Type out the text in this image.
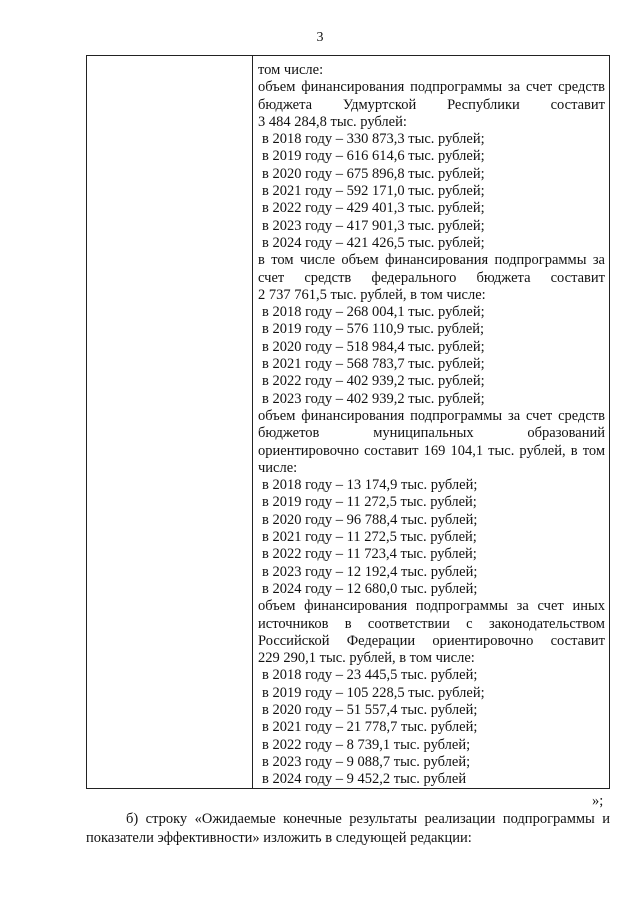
3
том числе:
объем финансирования подпрограммы за счет средств
бюджета Удмуртской Республики составит
3 484 284,8 тыс. рублей:
в 2018 году – 330 873,3 тыс. рублей;
в 2019 году – 616 614,6 тыс. рублей;
в 2020 году – 675 896,8 тыс. рублей;
в 2021 году – 592 171,0 тыс. рублей;
в 2022 году – 429 401,3 тыс. рублей;
в 2023 году – 417 901,3 тыс. рублей;
в 2024 году – 421 426,5 тыс. рублей;
в том числе объем финансирования подпрограммы за
счет средств федерального бюджета составит
2 737 761,5 тыс. рублей, в том числе:
в 2018 году – 268 004,1 тыс. рублей;
в 2019 году – 576 110,9 тыс. рублей;
в 2020 году – 518 984,4 тыс. рублей;
в 2021 году – 568 783,7 тыс. рублей;
в 2022 году – 402 939,2 тыс. рублей;
в 2023 году – 402 939,2 тыс. рублей;
объем финансирования подпрограммы за счет средств
бюджетов муниципальных образований
ориентировочно составит 169 104,1 тыс. рублей, в том
числе:
в 2018 году – 13 174,9 тыс. рублей;
в 2019 году – 11 272,5 тыс. рублей;
в 2020 году – 96 788,4 тыс. рублей;
в 2021 году – 11 272,5 тыс. рублей;
в 2022 году – 11 723,4 тыс. рублей;
в 2023 году – 12 192,4 тыс. рублей;
в 2024 году – 12 680,0 тыс. рублей;
объем финансирования подпрограммы за счет иных
источников в соответствии с законодательством
Российской Федерации ориентировочно составит
229 290,1 тыс. рублей, в том числе:
в 2018 году – 23 445,5 тыс. рублей;
в 2019 году – 105 228,5 тыс. рублей;
в 2020 году – 51 557,4 тыс. рублей;
в 2021 году – 21 778,7 тыс. рублей;
в 2022 году – 8 739,1 тыс. рублей;
в 2023 году – 9 088,7 тыс. рублей;
в 2024 году – 9 452,2 тыс. рублей
»;
б) строку «Ожидаемые конечные результаты реализации подпрограммы и
показатели эффективности» изложить в следующей редакции:
